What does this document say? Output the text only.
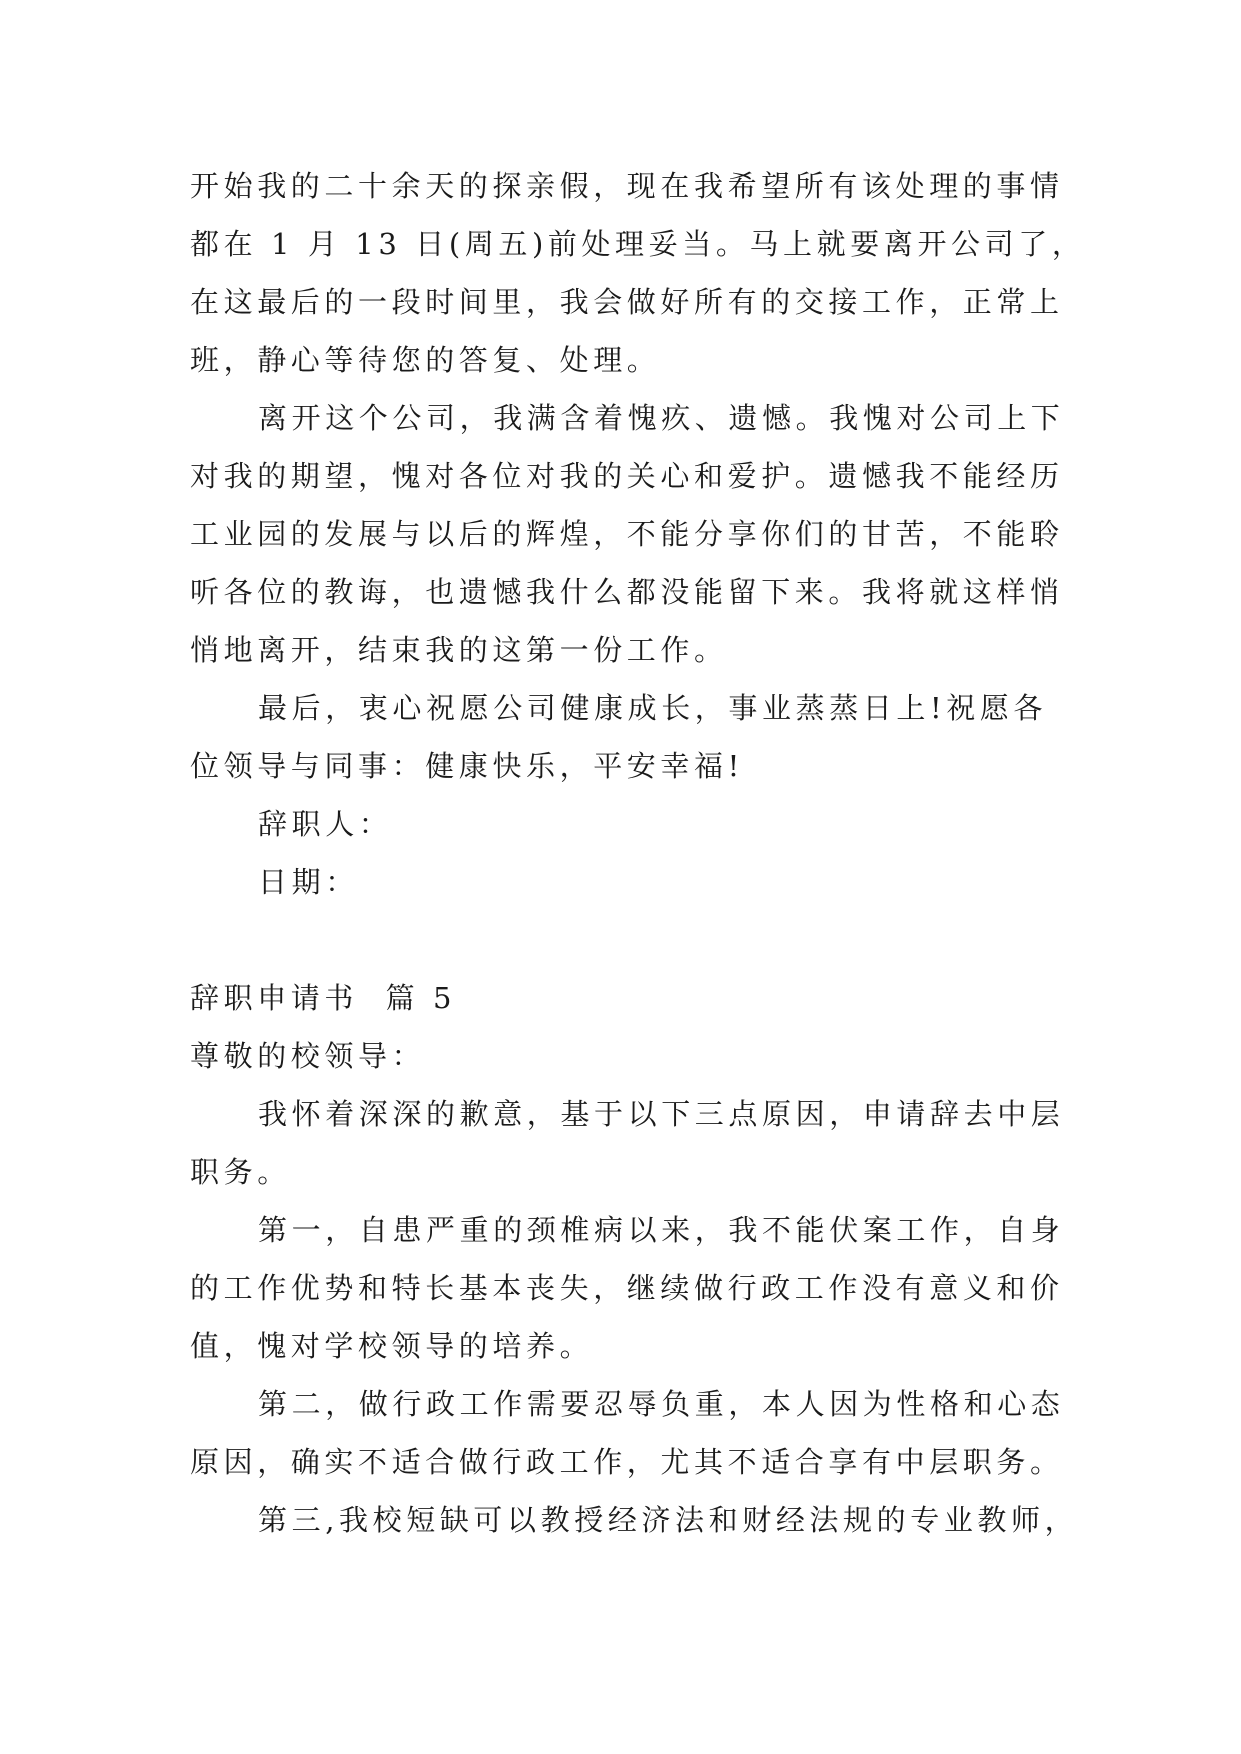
开始我的二十余天的探亲假，现在我希望所有该处理的事情
都在 1 月 13 日(周五)前处理妥当。马上就要离开公司了，
在这最后的一段时间里，我会做好所有的交接工作，正常上
班，静心等待您的答复、处理。
离开这个公司，我满含着愧疚、遗憾。我愧对公司上下
对我的期望，愧对各位对我的关心和爱护。遗憾我不能经历
工业园的发展与以后的辉煌，不能分享你们的甘苦，不能聆
听各位的教诲，也遗憾我什么都没能留下来。我将就这样悄
悄地离开，结束我的这第一份工作。
最后，衷心祝愿公司健康成长，事业蒸蒸日上!祝愿各
位领导与同事：健康快乐，平安幸福!
辞职人：
日期：
辞职申请书  篇 5
尊敬的校领导：
我怀着深深的歉意，基于以下三点原因，申请辞去中层
职务。
第一，自患严重的颈椎病以来，我不能伏案工作，自身
的工作优势和特长基本丧失，继续做行政工作没有意义和价
值，愧对学校领导的培养。
第二，做行政工作需要忍辱负重，本人因为性格和心态
原因，确实不适合做行政工作，尤其不适合享有中层职务。
第三,我校短缺可以教授经济法和财经法规的专业教师，
